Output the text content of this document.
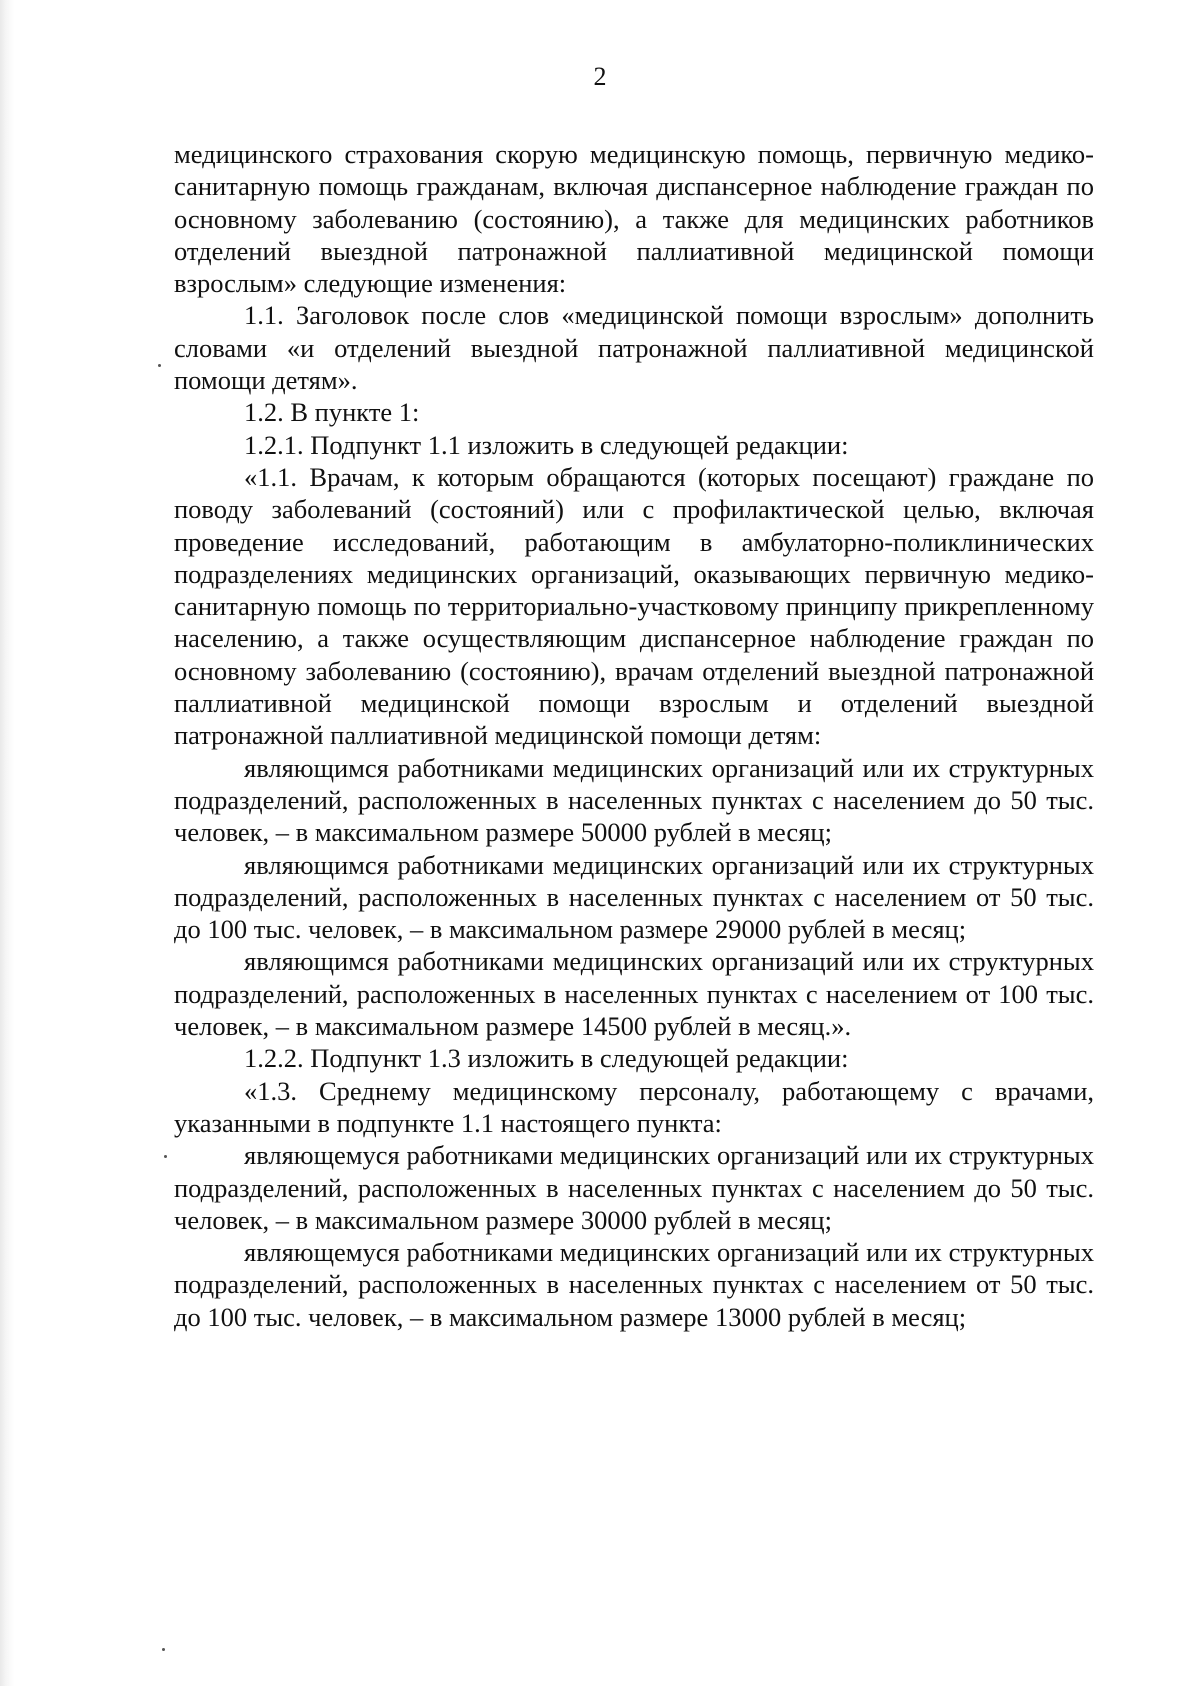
2

медицинского страхования скорую медицинскую помощь, первичную медико-санитарную помощь гражданам, включая диспансерное наблюдение граждан по основному заболеванию (состоянию), а также для медицинских работников отделений выездной патронажной паллиативной медицинской помощи взрослым» следующие изменения:

1.1. Заголовок после слов «медицинской помощи взрослым» дополнить словами «и отделений выездной патронажной паллиативной медицинской помощи детям».

1.2. В пункте 1:

1.2.1. Подпункт 1.1 изложить в следующей редакции:

«1.1. Врачам, к которым обращаются (которых посещают) граждане по поводу заболеваний (состояний) или с профилактической целью, включая проведение исследований, работающим в амбулаторно-поликлинических подразделениях медицинских организаций, оказывающих первичную медико-санитарную помощь по территориально-участковому принципу прикрепленному населению, а также осуществляющим диспансерное наблюдение граждан по основному заболеванию (состоянию), врачам отделений выездной патронажной паллиативной медицинской помощи взрослым и отделений выездной патронажной паллиативной медицинской помощи детям:

являющимся работниками медицинских организаций или их структурных подразделений, расположенных в населенных пунктах с населением до 50 тыс. человек, – в максимальном размере 50000 рублей в месяц;

являющимся работниками медицинских организаций или их структурных подразделений, расположенных в населенных пунктах с населением от 50 тыс. до 100 тыс. человек, – в максимальном размере 29000 рублей в месяц;

являющимся работниками медицинских организаций или их структурных подразделений, расположенных в населенных пунктах с населением от 100 тыс. человек, – в максимальном размере 14500 рублей в месяц.».

1.2.2. Подпункт 1.3 изложить в следующей редакции:

«1.3. Среднему медицинскому персоналу, работающему с врачами, указанными в подпункте 1.1 настоящего пункта:

являющемуся работниками медицинских организаций или их структурных подразделений, расположенных в населенных пунктах с населением до 50 тыс. человек, – в максимальном размере 30000 рублей в месяц;

являющемуся работниками медицинских организаций или их структурных подразделений, расположенных в населенных пунктах с населением от 50 тыс. до 100 тыс. человек, – в максимальном размере 13000 рублей в месяц;
